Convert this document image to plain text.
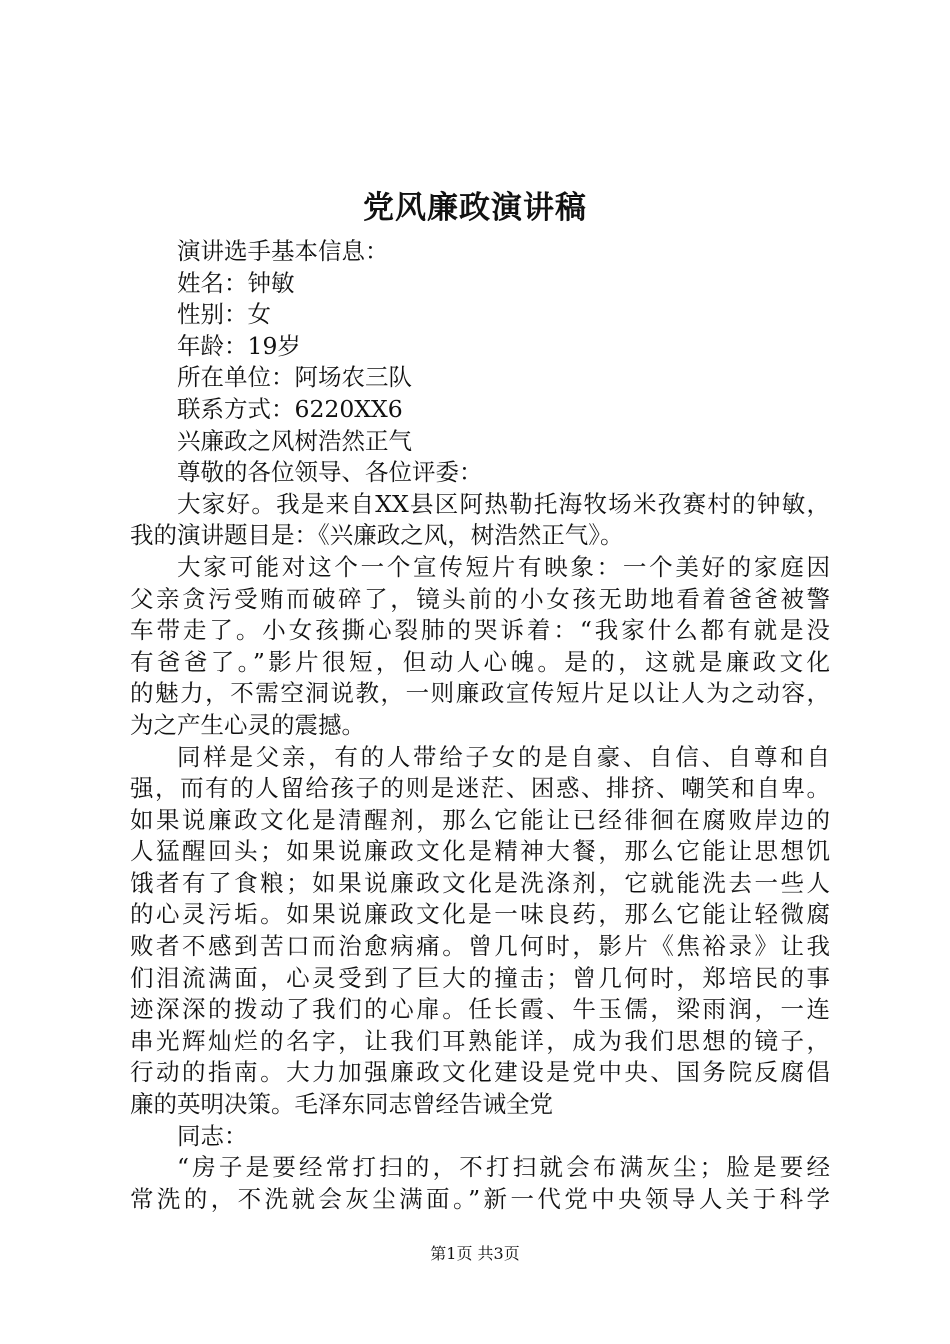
党风廉政演讲稿
演讲选手基本信息：
姓名：钟敏
性别：女
年龄：19岁
所在单位：阿场农三队
联系方式：6220XX6
兴廉政之风树浩然正气
尊敬的各位领导、各位评委：
大家好。我是来自XX县区阿热勒托海牧场米孜赛村的钟敏，
我的演讲题目是：《兴廉政之风，树浩然正气》。
大家可能对这个一个宣传短片有映象：一个美好的家庭因
父亲贪污受贿而破碎了，镜头前的小女孩无助地看着爸爸被警
车带走了。小女孩撕心裂肺的哭诉着：“我家什么都有就是没
有爸爸了。”影片很短，但动人心魄。是的，这就是廉政文化
的魅力，不需空洞说教，一则廉政宣传短片足以让人为之动容，
为之产生心灵的震撼。
同样是父亲，有的人带给子女的是自豪、自信、自尊和自
强，而有的人留给孩子的则是迷茫、困惑、排挤、嘲笑和自卑。
如果说廉政文化是清醒剂，那么它能让已经徘徊在腐败岸边的
人猛醒回头；如果说廉政文化是精神大餐，那么它能让思想饥
饿者有了食粮；如果说廉政文化是洗涤剂，它就能洗去一些人
的心灵污垢。如果说廉政文化是一味良药，那么它能让轻微腐
败者不感到苦口而治愈病痛。曾几何时，影片《焦裕录》让我
们泪流满面，心灵受到了巨大的撞击；曾几何时，郑培民的事
迹深深的拨动了我们的心扉。任长霞、牛玉儒，梁雨润，一连
串光辉灿烂的名字，让我们耳熟能详，成为我们思想的镜子，
行动的指南。大力加强廉政文化建设是党中央、国务院反腐倡
廉的英明决策。毛泽东同志曾经告诫全党
同志：
“房子是要经常打扫的，不打扫就会布满灰尘；脸是要经
常洗的，不洗就会灰尘满面。”新一代党中央领导人关于科学
第1页 共3页
